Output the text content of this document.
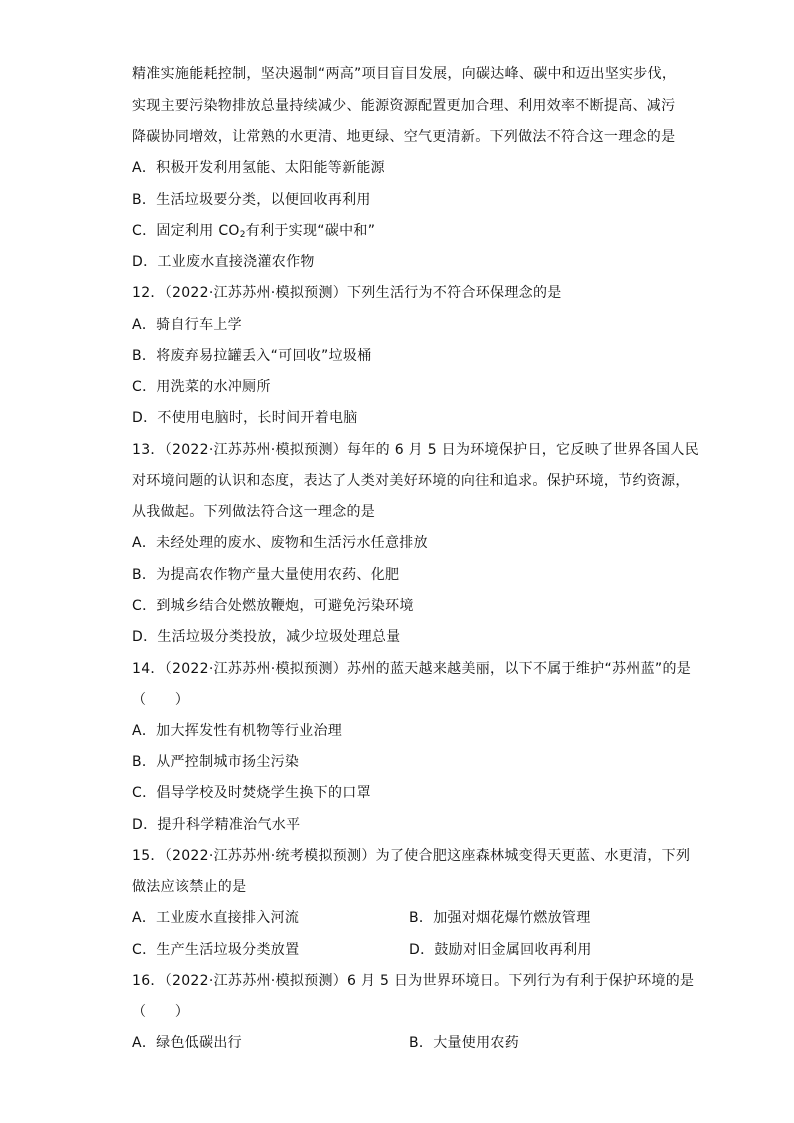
精准实施能耗控制，坚决遏制“两高”项目盲目发展，向碳达峰、碳中和迈出坚实步伐，
实现主要污染物排放总量持续减少、能源资源配置更加合理、利用效率不断提高、减污
降碳协同增效，让常熟的水更清、地更绿、空气更清新。下列做法不符合这一理念的是
A．积极开发利用氢能、太阳能等新能源
B．生活垃圾要分类，以便回收再利用
C．固定利用 $CO_2$有利于实现“碳中和”
D．工业废水直接浇灌农作物
12．（2022·江苏苏州·模拟预测）下列生活行为不符合环保理念的是
A．骑自行车上学
B．将废弃易拉罐丢入“可回收”垃圾桶
C．用洗菜的水冲厕所
D．不使用电脑时，长时间开着电脑
13．（2022·江苏苏州·模拟预测）每年的 6 月 5 日为环境保护日，它反映了世界各国人民
对环境问题的认识和态度，表达了人类对美好环境的向往和追求。保护环境，节约资源，
从我做起。下列做法符合这一理念的是
A．未经处理的废水、废物和生活污水任意排放
B．为提高农作物产量大量使用农药、化肥
C．到城乡结合处燃放鞭炮，可避免污染环境
D．生活垃圾分类投放，减少垃圾处理总量
14．（2022·江苏苏州·模拟预测）苏州的蓝天越来越美丽，以下不属于维护“苏州蓝”的是
（　　）
A．加大挥发性有机物等行业治理
B．从严控制城市扬尘污染
C．倡导学校及时焚烧学生换下的口罩
D．提升科学精准治气水平
15．（2022·江苏苏州·统考模拟预测）为了使合肥这座森林城变得天更蓝、水更清，下列
做法应该禁止的是
A．工业废水直接排入河流	B．加强对烟花爆竹燃放管理
C．生产生活垃圾分类放置	D．鼓励对旧金属回收再利用
16．（2022·江苏苏州·模拟预测）6 月 5 日为世界环境日。下列行为有利于保护环境的是
（　　）
A．绿色低碳出行	B．大量使用农药
